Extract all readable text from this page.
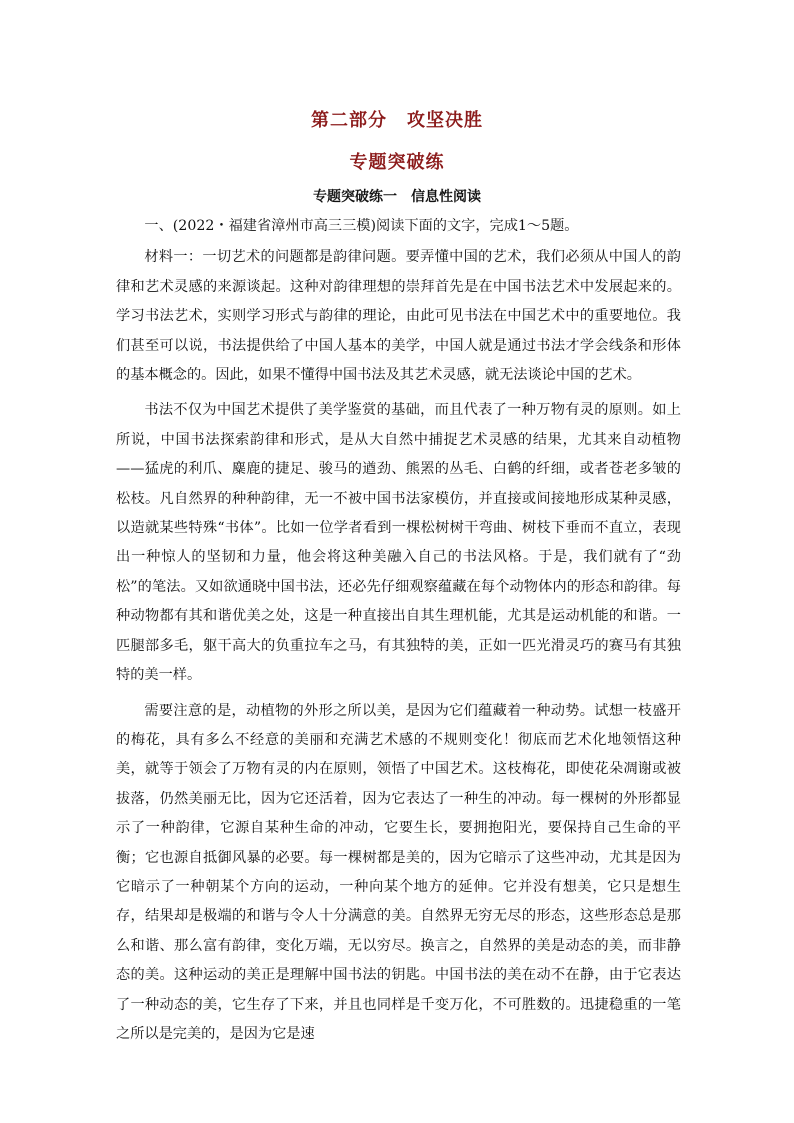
第二部分 攻坚决胜
专题突破练
专题突破练一 信息性阅读

一、(2022・福建省漳州市高三三模)阅读下面的文字，完成1～5题。

材料一：一切艺术的问题都是韵律问题。要弄懂中国的艺术，我们必须从中国人的韵律和艺术灵感的来源谈起。这种对韵律理想的崇拜首先是在中国书法艺术中发展起来的。学习书法艺术，实则学习形式与韵律的理论，由此可见书法在中国艺术中的重要地位。我们甚至可以说，书法提供给了中国人基本的美学，中国人就是通过书法才学会线条和形体的基本概念的。因此，如果不懂得中国书法及其艺术灵感，就无法谈论中国的艺术。

书法不仅为中国艺术提供了美学鉴赏的基础，而且代表了一种万物有灵的原则。如上所说，中国书法探索韵律和形式，是从大自然中捕捉艺术灵感的结果，尤其来自动植物——猛虎的利爪、麋鹿的捷足、骏马的遒劲、熊罴的丛毛、白鹤的纤细，或者苍老多皱的松枝。凡自然界的种种韵律，无一不被中国书法家模仿，并直接或间接地形成某种灵感，以造就某些特殊“书体”。比如一位学者看到一棵松树树干弯曲、树枝下垂而不直立，表现出一种惊人的坚韧和力量，他会将这种美融入自己的书法风格。于是，我们就有了“劲松”的笔法。又如欲通晓中国书法，还必先仔细观察蕴藏在每个动物体内的形态和韵律。每种动物都有其和谐优美之处，这是一种直接出自其生理机能，尤其是运动机能的和谐。一匹腿部多毛，躯干高大的负重拉车之马，有其独特的美，正如一匹光滑灵巧的赛马有其独特的美一样。

需要注意的是，动植物的外形之所以美，是因为它们蕴藏着一种动势。试想一枝盛开的梅花，具有多么不经意的美丽和充满艺术感的不规则变化！彻底而艺术化地领悟这种美，就等于领会了万物有灵的内在原则，领悟了中国艺术。这枝梅花，即使花朵凋谢或被拔落，仍然美丽无比，因为它还活着，因为它表达了一种生的冲动。每一棵树的外形都显示了一种韵律，它源自某种生命的冲动，它要生长，要拥抱阳光，要保持自己生命的平衡；它也源自抵御风暴的必要。每一棵树都是美的，因为它暗示了这些冲动，尤其是因为它暗示了一种朝某个方向的运动，一种向某个地方的延伸。它并没有想美，它只是想生存，结果却是极端的和谐与令人十分满意的美。自然界无穷无尽的形态，这些形态总是那么和谐、那么富有韵律，变化万端，无以穷尽。换言之，自然界的美是动态的美，而非静态的美。这种运动的美正是理解中国书法的钥匙。中国书法的美在动不在静，由于它表达了一种动态的美，它生存了下来，并且也同样是千变万化，不可胜数的。迅捷稳重的一笔之所以是完美的，是因为它是速
